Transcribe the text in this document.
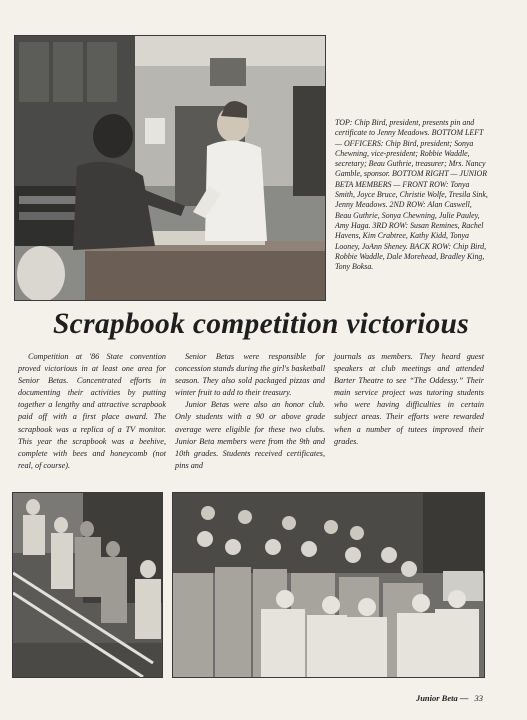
TOP: Chip Bird, president, presents pin and certificate to Jenny Meadows. BOTTOM LEFT — OFFICERS: Chip Bird, president; Sonya Chewning, vice-president; Robbie Waddle, secretary; Beau Guthrie, treasurer; Mrs. Nancy Gamble, sponsor. BOTTOM RIGHT — JUNIOR BETA MEMBERS — FRONT ROW: Tonya Smith, Joyce Bruce, Christie Wolfe, Tresila Sink, Jenny Meadows. 2ND ROW: Alan Caswell, Beau Guthrie, Sonya Chewning, Julie Pauley, Amy Haga. 3RD ROW: Susan Remines, Rachel Havens, Kim Crabtree, Kathy Kidd, Tonya Looney, JoAnn Sheney. BACK ROW: Chip Bird, Robbie Waddle, Dale Morehead, Bradley King, Tony Boksa.

Scrapbook competition victorious

Competition at '86 State convention proved victorious in at least one area for Senior Betas. Concentrated efforts in documenting their activities by putting together a lengthy and attractive scrapbook paid off with a first place award. The scrapbook was a replica of a TV monitor. This year the scrapbook was a beehive, complete with bees and honeycomb (not real, of course).

Senior Betas were responsible for concession stands during the girl's basketball season. They also sold packaged pizzas and winter fruit to add to their treasury.

Junior Betas were also an honor club. Only students with a 90 or above grade average were eligible for these two clubs. Junior Beta members were from the 9th and 10th grades. Students received certificates, pins and

journals as members. They heard guest speakers at club meetings and attended Barter Theatre to see “The Oddessy.” Their main service project was tutoring students who were having difficulties in certain subject areas. Their efforts were rewarded when a number of tutees improved their grades.

Junior Beta — 33
